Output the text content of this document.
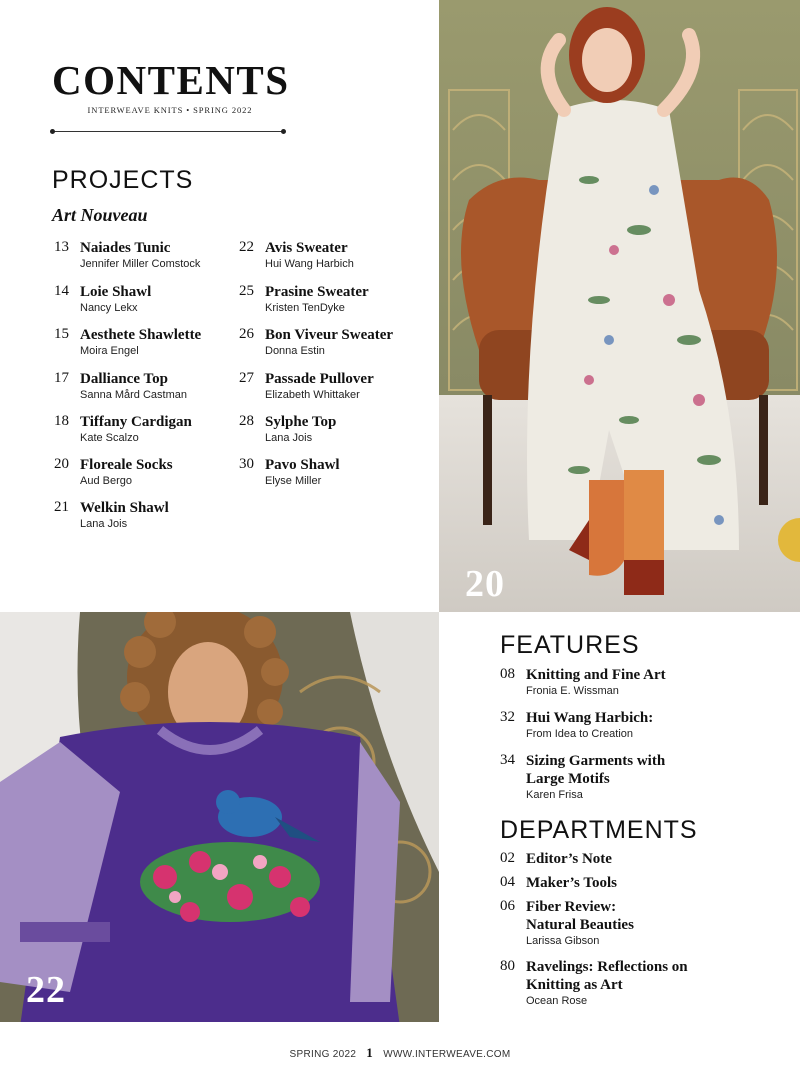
CONTENTS
INTERWEAVE KNITS • SPRING 2022
PROJECTS
Art Nouveau
13 Naiades Tunic
Jennifer Miller Comstock
14 Loie Shawl
Nancy Lekx
15 Aesthete Shawlette
Moira Engel
17 Dalliance Top
Sanna Mård Castman
18 Tiffany Cardigan
Kate Scalzo
20 Floreale Socks
Aud Bergo
21 Welkin Shawl
Lana Jois
22 Avis Sweater
Hui Wang Harbich
25 Prasine Sweater
Kristen TenDyke
26 Bon Viveur Sweater
Donna Estin
27 Passade Pullover
Elizabeth Whittaker
28 Sylphe Top
Lana Jois
30 Pavo Shawl
Elyse Miller
20
22
FEATURES
08 Knitting and Fine Art
Fronia E. Wissman
32 Hui Wang Harbich:
From Idea to Creation
34 Sizing Garments with
Large Motifs
Karen Frisa
DEPARTMENTS
02 Editor’s Note
04 Maker’s Tools
06 Fiber Review:
Natural Beauties
Larissa Gibson
80 Ravelings: Reflections on
Knitting as Art
Ocean Rose
SPRING 2022 1 WWW.INTERWEAVE.COM
